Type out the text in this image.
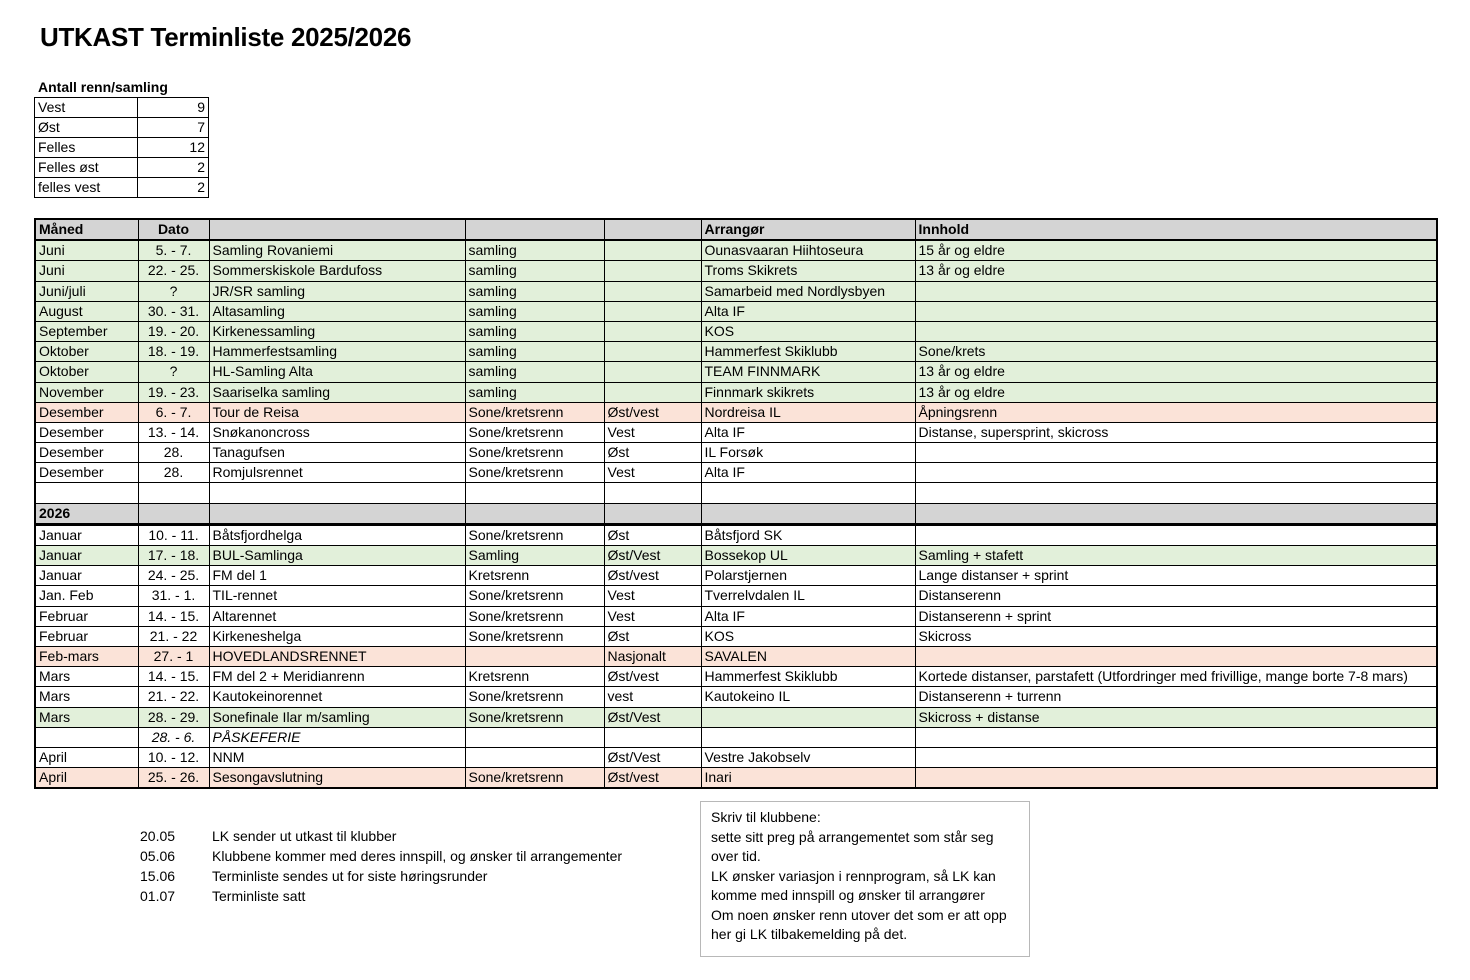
UTKAST Terminliste 2025/2026
Antall renn/samling
Vest	9
Øst	7
Felles	12
Felles øst	2
felles vest	2
Måned	Dato				Arrangør	Innhold
Juni	5. - 7.	Samling Rovaniemi	samling		Ounasvaaran Hiihtoseura	15 år og eldre
Juni	22. - 25.	Sommerskiskole Bardufoss	samling		Troms Skikrets	13 år og eldre
Juni/juli	?	JR/SR samling	samling		Samarbeid med Nordlysbyen	
August	30. - 31.	Altasamling	samling		Alta IF	
September	19. - 20.	Kirkenessamling	samling		KOS	
Oktober	18. - 19.	Hammerfestsamling	samling		Hammerfest Skiklubb	Sone/krets
Oktober	?	HL-Samling Alta	samling		TEAM FINNMARK	13 år og eldre
November	19. - 23.	Saariselka samling	samling		Finnmark skikrets	13 år og eldre
Desember	6. - 7.	Tour de Reisa	Sone/kretsrenn	Øst/vest	Nordreisa IL	Åpningsrenn
Desember	13. - 14.	Snøkanoncross	Sone/kretsrenn	Vest	Alta IF	Distanse, supersprint, skicross
Desember	28.	Tanagufsen	Sone/kretsrenn	Øst	IL Forsøk	
Desember	28.	Romjulsrennet	Sone/kretsrenn	Vest	Alta IF	

2026						
Januar	10. - 11.	Båtsfjordhelga	Sone/kretsrenn	Øst	Båtsfjord SK	
Januar	17. - 18.	BUL-Samlinga	Samling	Øst/Vest	Bossekop UL	Samling + stafett
Januar	24. - 25.	FM del 1	Kretsrenn	Øst/vest	Polarstjernen	Lange distanser + sprint
Jan. Feb	31. - 1.	TIL-rennet	Sone/kretsrenn	Vest	Tverrelvdalen IL	Distanserenn
Februar	14. - 15.	Altarennet	Sone/kretsrenn	Vest	Alta IF	Distanserenn + sprint
Februar	21. - 22	Kirkeneshelga	Sone/kretsrenn	Øst	KOS	Skicross
Feb-mars	27. - 1	HOVEDLANDSRENNET		Nasjonalt	SAVALEN	
Mars	14. - 15.	FM del 2 + Meridianrenn	Kretsrenn	Øst/vest	Hammerfest Skiklubb	Kortede distanser, parstafett (Utfordringer med frivillige, mange borte 7-8 mars)
Mars	21. - 22.	Kautokeinorennet	Sone/kretsrenn	vest	Kautokeino IL	Distanserenn + turrenn
Mars	28. - 29.	Sonefinale Ilar m/samling	Sone/kretsrenn	Øst/Vest		Skicross + distanse
	28. - 6.	PÅSKEFERIE				
April	10. - 12.	NNM		Øst/Vest	Vestre Jakobselv	
April	25. - 26.	Sesongavslutning	Sone/kretsrenn	Øst/vest	Inari	
20.05	LK sender ut utkast til klubber
05.06	Klubbene kommer med deres innspill, og ønsker til arrangementer
15.06	Terminliste sendes ut for siste høringsrunder
01.07	Terminliste satt
Skriv til klubbene:
sette sitt preg på arrangementet som står seg
over tid.
LK ønsker variasjon i rennprogram, så LK kan
komme med innspill og ønsker til arrangører
Om noen ønsker renn utover det som er att opp
her gi LK tilbakemelding på det.
